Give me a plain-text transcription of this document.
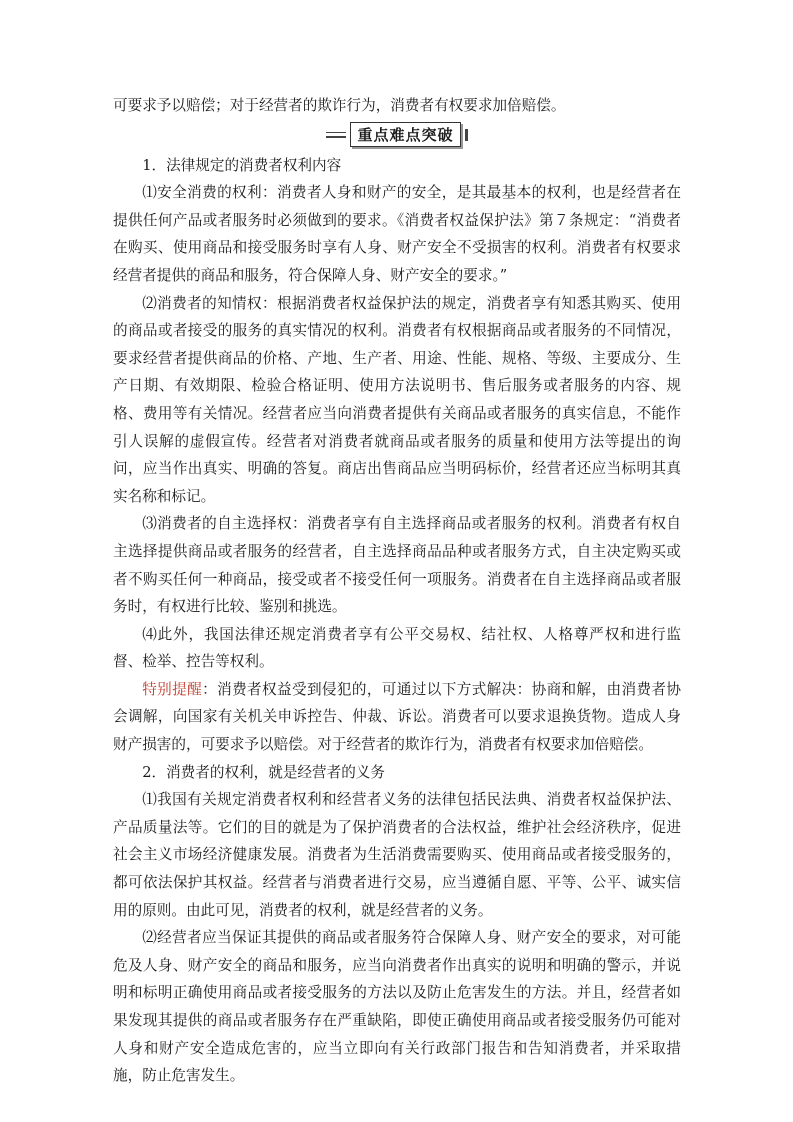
可要求予以赔偿；对于经营者的欺诈行为，消费者有权要求加倍赔偿。
重点难点突破

1．法律规定的消费者权利内容

⑴安全消费的权利：消费者人身和财产的安全，是其最基本的权利，也是经营者在提供任何产品或者服务时必须做到的要求。《消费者权益保护法》第７条规定：“消费者在购买、使用商品和接受服务时享有人身、财产安全不受损害的权利。消费者有权要求经营者提供的商品和服务，符合保障人身、财产安全的要求。”

⑵消费者的知情权：根据消费者权益保护法的规定，消费者享有知悉其购买、使用的商品或者接受的服务的真实情况的权利。消费者有权根据商品或者服务的不同情况，要求经营者提供商品的价格、产地、生产者、用途、性能、规格、等级、主要成分、生产日期、有效期限、检验合格证明、使用方法说明书、售后服务或者服务的内容、规格、费用等有关情况。经营者应当向消费者提供有关商品或者服务的真实信息，不能作引人误解的虚假宣传。经营者对消费者就商品或者服务的质量和使用方法等提出的询问，应当作出真实、明确的答复。商店出售商品应当明码标价，经营者还应当标明其真实名称和标记。

⑶消费者的自主选择权：消费者享有自主选择商品或者服务的权利。消费者有权自主选择提供商品或者服务的经营者，自主选择商品品种或者服务方式，自主决定购买或者不购买任何一种商品，接受或者不接受任何一项服务。消费者在自主选择商品或者服务时，有权进行比较、鉴别和挑选。

⑷此外，我国法律还规定消费者享有公平交易权、结社权、人格尊严权和进行监督、检举、控告等权利。

特别提醒：消费者权益受到侵犯的，可通过以下方式解决：协商和解，由消费者协会调解，向国家有关机关申诉控告、仲裁、诉讼。消费者可以要求退换货物。造成人身财产损害的，可要求予以赔偿。对于经营者的欺诈行为，消费者有权要求加倍赔偿。

2．消费者的权利，就是经营者的义务

⑴我国有关规定消费者权利和经营者义务的法律包括民法典、消费者权益保护法、产品质量法等。它们的目的就是为了保护消费者的合法权益，维护社会经济秩序，促进社会主义市场经济健康发展。消费者为生活消费需要购买、使用商品或者接受服务的，都可依法保护其权益。经营者与消费者进行交易，应当遵循自愿、平等、公平、诚实信用的原则。由此可见，消费者的权利，就是经营者的义务。

⑵经营者应当保证其提供的商品或者服务符合保障人身、财产安全的要求，对可能危及人身、财产安全的商品和服务，应当向消费者作出真实的说明和明确的警示，并说明和标明正确使用商品或者接受服务的方法以及防止危害发生的方法。并且，经营者如果发现其提供的商品或者服务存在严重缺陷，即使正确使用商品或者接受服务仍可能对人身和财产安全造成危害的，应当立即向有关行政部门报告和告知消费者，并采取措施，防止危害发生。
